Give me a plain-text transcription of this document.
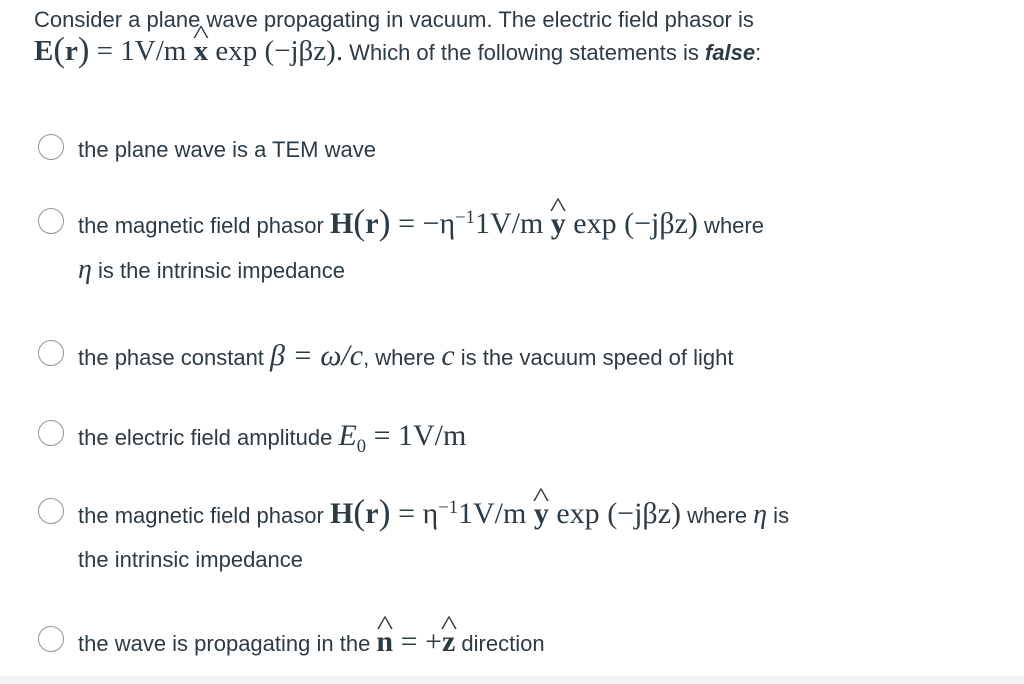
Consider a plane wave propagating in vacuum. The electric field phasor is
E(r) = 1V/m ^ x exp (−jβz). Which of the following statements is false:
the plane wave is a TEM wave
the magnetic field phasor $H(r) = -\eta^{-1}1V/m$ ^ y exp (−jβz) where
η is the intrinsic impedance
the phase constant β = ω/c, where c is the vacuum speed of light
the electric field amplitude $E_0 = 1V/m$
the magnetic field phasor $H(r) = \eta^{-1}1V/m$ ^ y exp (−jβz) where η is
the intrinsic impedance
the wave is propagating in the ^ n = +^ z direction
